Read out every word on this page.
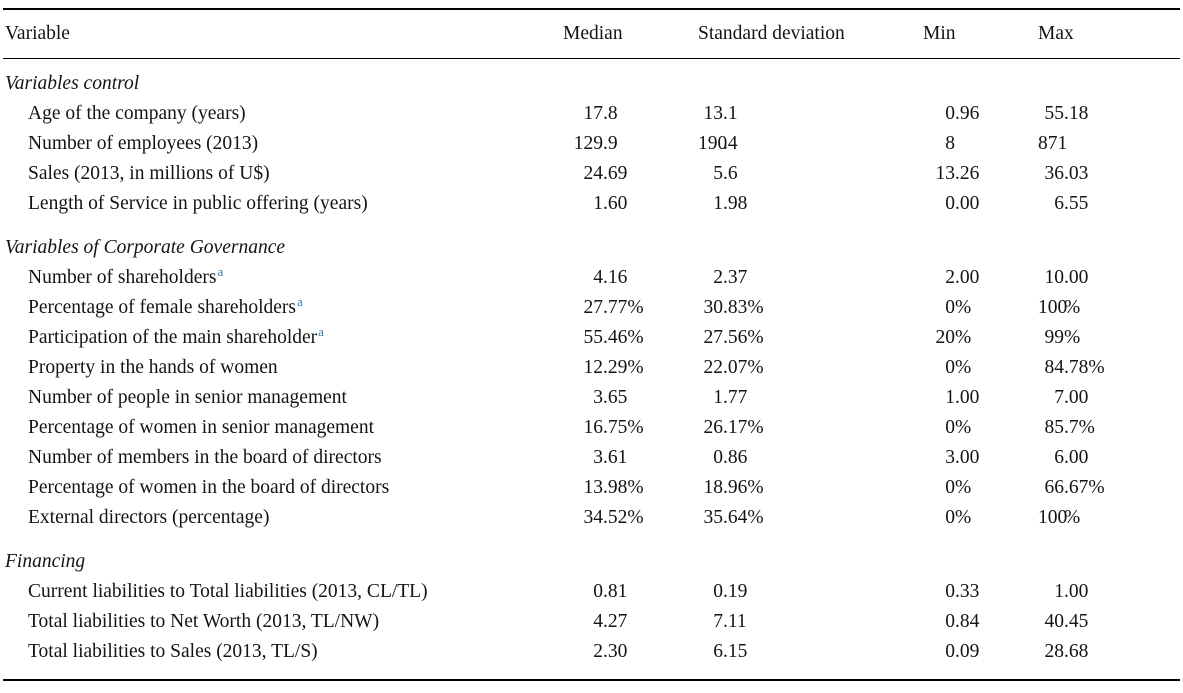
Variable	Median	Standard deviation	Min	Max
Variables control				
Age of the company (years)	17.8	13.1	0.96	55.18
Number of employees (2013)	129.9	190.4	8	871
Sales (2013, in millions of U$)	24.69	5.6	13.26	36.03
Length of Service in public offering (years)	1.60	1.98	0.00	6.55
Variables of Corporate Governance				
Number of shareholders$^a$	4.16	2.37	2.00	10.00
Percentage of female shareholders$^a$	27.77%	30.83%	0%	100%
Participation of the main shareholder$^a$	55.46%	27.56%	20%	99%
Property in the hands of women	12.29%	22.07%	0%	84.78%
Number of people in senior management	3.65	1.77	1.00	7.00
Percentage of women in senior management	16.75%	26.17%	0%	85.7%
Number of members in the board of directors	3.61	0.86	3.00	6.00
Percentage of women in the board of directors	13.98%	18.96%	0%	66.67%
External directors (percentage)	34.52%	35.64%	0%	100%
Financing				
Current liabilities to Total liabilities (2013, CL/TL)	0.81	0.19	0.33	1.00
Total liabilities to Net Worth (2013, TL/NW)	4.27	7.11	0.84	40.45
Total liabilities to Sales (2013, TL/S)	2.30	6.15	0.09	28.68
